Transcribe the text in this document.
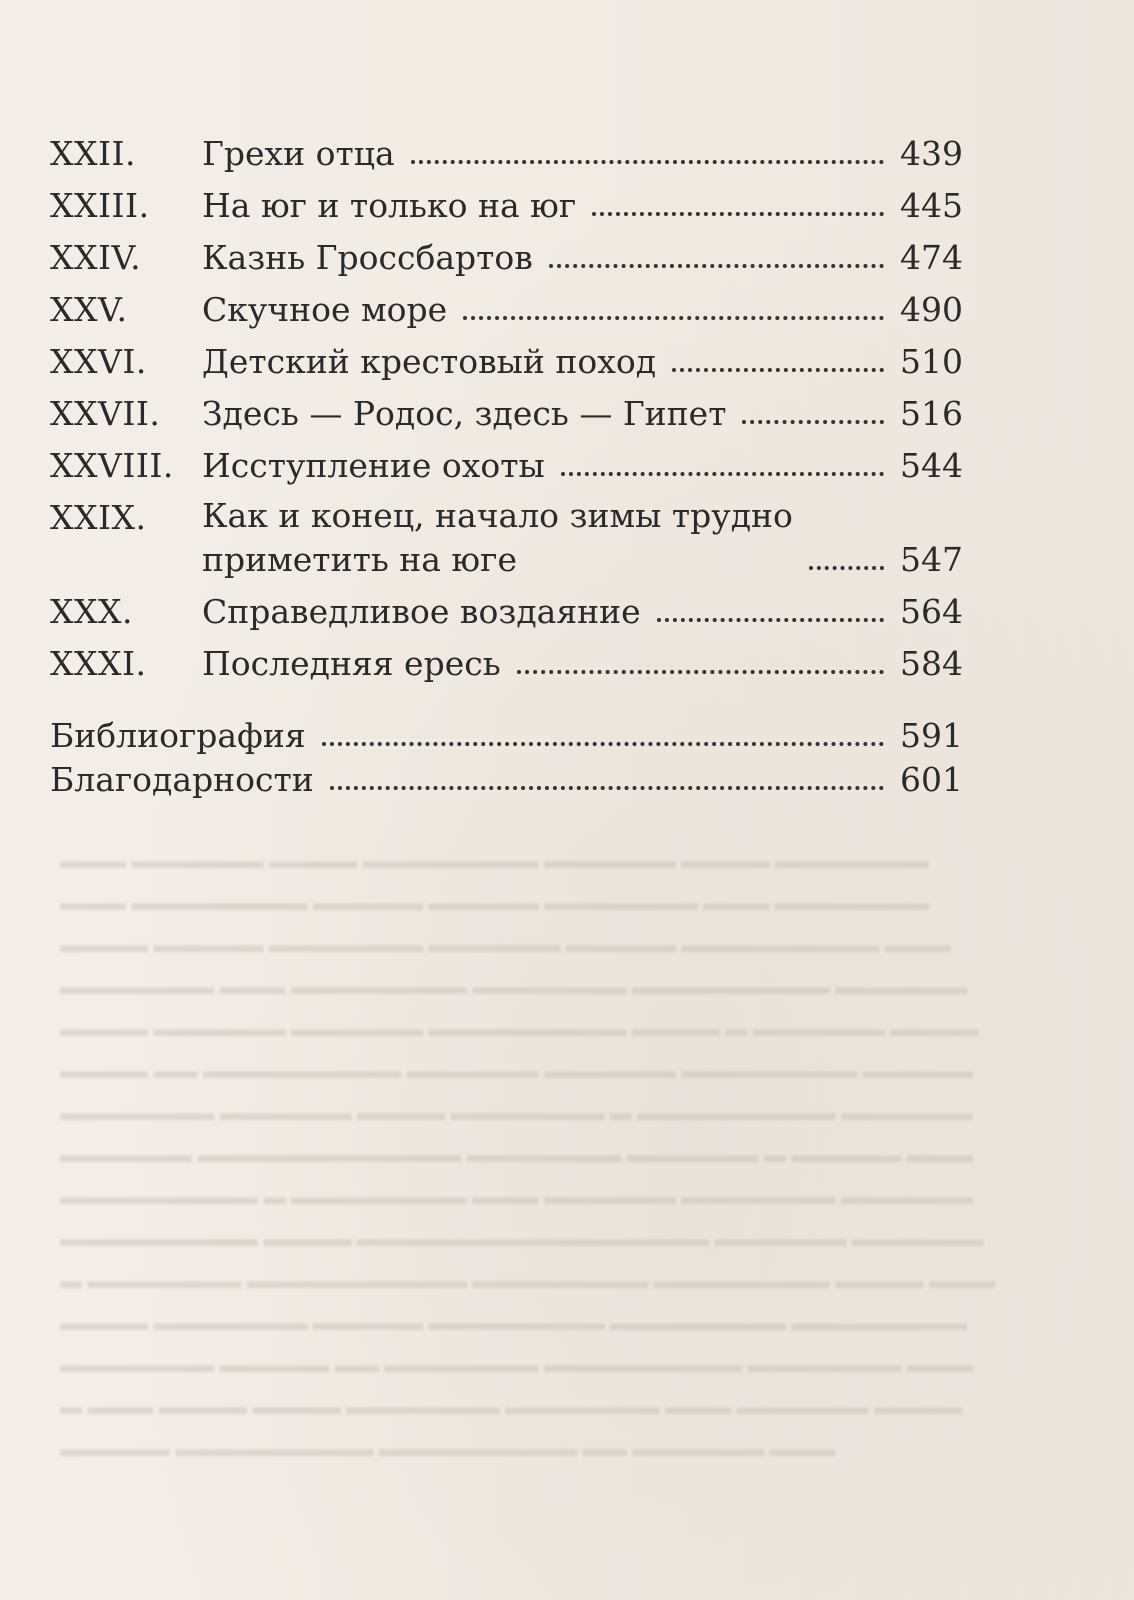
▬▬▬ ▬▬▬▬▬▬ ▬▬▬▬ ▬▬▬▬▬▬▬▬ ▬▬▬▬▬▬ ▬▬▬▬ ▬▬▬▬▬▬▬
▬▬▬ ▬▬▬▬▬▬▬▬ ▬▬▬▬▬ ▬▬▬▬▬ ▬▬▬▬▬▬▬ ▬▬▬ ▬▬▬▬▬▬▬
▬▬▬▬ ▬▬▬▬▬ ▬▬▬▬▬▬▬ ▬▬▬▬▬▬ ▬▬▬▬▬ ▬▬▬▬▬▬▬▬▬ ▬▬▬
▬▬▬▬▬▬▬ ▬▬▬ ▬▬▬▬▬▬▬▬ ▬▬▬▬▬▬▬ ▬▬▬▬▬▬▬▬▬ ▬▬▬▬▬▬
▬▬▬▬ ▬▬▬▬▬▬ ▬▬▬▬▬▬ ▬▬▬▬▬▬▬▬▬ ▬▬▬▬ ▬ ▬▬▬▬▬▬ ▬▬▬▬
▬▬▬▬ ▬▬ ▬▬▬▬▬▬▬▬▬ ▬▬▬▬▬▬ ▬▬▬▬▬▬ ▬▬▬▬▬▬▬▬ ▬▬▬▬▬
▬▬▬▬▬▬▬ ▬▬▬▬▬▬ ▬▬▬▬ ▬▬▬▬▬▬▬ ▬ ▬▬▬▬▬▬▬▬▬ ▬▬▬▬▬▬
▬▬▬▬▬▬ ▬▬▬▬▬▬▬▬▬▬▬▬ ▬▬▬▬▬▬▬ ▬▬▬▬▬▬ ▬ ▬▬▬▬▬ ▬▬▬
▬▬▬▬▬▬▬▬▬ ▬ ▬▬▬▬▬▬▬▬ ▬▬▬ ▬▬▬▬▬▬ ▬▬▬▬▬▬▬ ▬▬▬▬▬▬
▬▬▬▬▬▬▬▬▬ ▬▬▬▬ ▬▬▬▬▬▬▬▬▬▬▬▬▬▬▬▬ ▬▬▬▬▬▬ ▬▬▬▬▬▬
▬ ▬▬▬▬▬▬▬ ▬▬▬▬▬▬▬▬▬▬ ▬▬▬▬▬▬▬▬ ▬▬▬▬▬▬▬▬ ▬▬▬▬ ▬▬▬
▬▬▬▬ ▬▬▬▬▬▬▬ ▬▬▬▬▬ ▬▬▬▬▬▬▬▬ ▬▬▬▬▬▬▬▬ ▬▬▬▬▬▬▬▬
▬▬▬▬▬▬▬ ▬▬▬▬▬ ▬▬ ▬▬▬▬▬▬▬ ▬▬▬▬▬▬▬▬▬ ▬▬▬▬▬▬▬ ▬▬▬
▬ ▬▬▬ ▬▬▬▬ ▬▬▬▬ ▬▬▬▬▬▬▬ ▬▬▬▬▬▬▬ ▬▬▬ ▬▬▬▬▬▬ ▬▬▬▬
▬▬▬▬▬ ▬▬▬▬▬▬▬▬▬ ▬▬▬▬▬▬▬▬▬ ▬▬ ▬▬▬▬▬▬ ▬▬▬
XXII.	Грехи отца	439
XXIII.	На юг и только на юг	445
XXIV.	Казнь Гроссбартов	474
XXV.	Скучное море	490
XXVI.	Детский крестовый поход	510
XXVII.	Здесь — Родос, здесь — Гипет	516
XXVIII. Исступление охоты	544
XXIX.	Как и конец, начало зимы трудно
приметить на юге	547
XXX.	Справедливое воздаяние	564
XXXI.	Последняя ересь	584
Библиография	591
Благодарности	601
